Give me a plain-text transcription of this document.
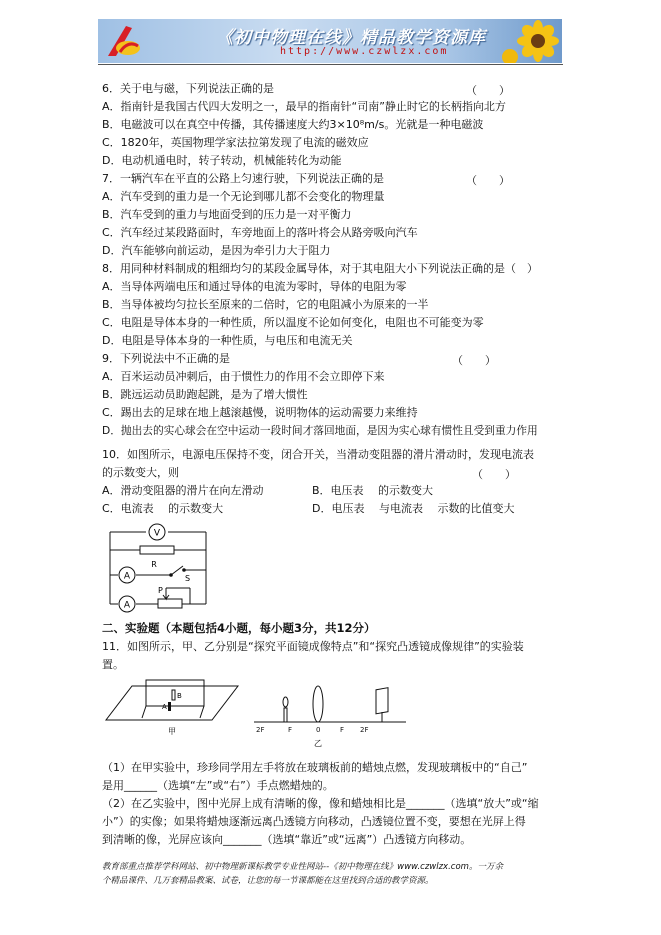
《初中物理在线》精品教学资源库
http://www.czwlzx.com
6．关于电与磁，下列说法正确的是	（　　）
A．指南针是我国古代四大发明之一，最早的指南针“司南”静止时它的长柄指向北方
B．电磁波可以在真空中传播，其传播速度大约3×10⁸m/s。光就是一种电磁波
C．1820年，英国物理学家法拉第发现了电流的磁效应
D．电动机通电时，转子转动，机械能转化为动能
7．一辆汽车在平直的公路上匀速行驶，下列说法正确的是	（　　）
A．汽车受到的重力是一个无论到哪儿都不会变化的物理量
B．汽车受到的重力与地面受到的压力是一对平衡力
C．汽车经过某段路面时，车旁地面上的落叶将会从路旁吸向汽车
D．汽车能够向前运动，是因为牵引力大于阻力
8．用同种材料制成的粗细均匀的某段金属导体，对于其电阻大小下列说法正确的是（　）
A．当导体两端电压和通过导体的电流为零时，导体的电阻为零
B．当导体被均匀拉长至原来的二倍时，它的电阻减小为原来的一半
C．电阻是导体本身的一种性质，所以温度不论如何变化，电阻也不可能变为零
D．电阻是导体本身的一种性质，与电压和电流无关
9．下列说法中不正确的是	（　　）
A．百米运动员冲刺后，由于惯性力的作用不会立即停下来
B．跳远运动员助跑起跳，是为了增大惯性
C．踢出去的足球在地上越滚越慢，说明物体的运动需要力来维持
D．抛出去的实心球会在空中运动一段时间才落回地面，是因为实心球有惯性且受到重力作用
10．如图所示，电源电压保持不变，闭合开关，当滑动变阻器的滑片滑动时，发现电流表
的示数变大，则	（　　）
A．滑动变阻器的滑片在向左滑动	B．电压表　 的示数变大
C．电流表　 的示数变大	D．电压表　 与电流表　 示数的比值变大
V
R
A	S
A
P
二、实验题（本题包括4小题，每小题3分，共12分）
11．如图所示，甲、乙分别是“探究平面镜成像特点”和“探究凸透镜成像规律”的实验装
置。
A
B
甲	2F	F	0	F 2F
乙
（1）在甲实验中，珍珍同学用左手将放在玻璃板前的蜡烛点燃，发现玻璃板中的“自己”
是用______（选填“左”或“右”）手点燃蜡烛的。
（2）在乙实验中，图中光屏上成有清晰的像，像和蜡烛相比是_______（选填“放大”或“缩
小”）的实像；如果将蜡烛逐渐远离凸透镜方向移动，凸透镜位置不变，要想在光屏上得
到清晰的像，光屏应该向_______（选填“靠近”或“远离”）凸透镜方向移动。
教育部重点推荐学科网站、初中物理新课标教学专业性网站--《初中物理在线》www.czwlzx.com。一万余
个精品课件、几万套精品教案、试卷，让您的每一节课都能在这里找到合适的教学资源。
